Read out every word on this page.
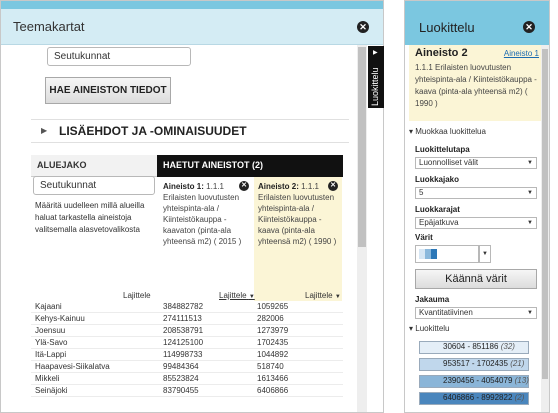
Teemakartat	✕
Seutukunnat
HAE AINEISTON TIEDOT
▶ LISÄEHDOT JA -OMINAISUUDET
ALUEJAKO	HAETUT AINEISTOT (2)
Seutukunnat
Määritä uudelleen millä alueilla haluat tarkastella aineistoja valitsemalla alasvetovalikosta
Aineisto 1: 1.1.1 Erilaisten luovutusten yhteispinta-ala / Kiinteistökauppa - kaavaton (pinta-ala yhteensä m2) ( 2015 )
✕ Aineisto 2: 1.1.1 Erilaisten luovutusten yhteispinta-ala / Kiinteistökauppa - kaava (pinta-ala yhteensä m2) ( 1990 )
✕
Lajittele	Lajittele ▼	Lajittele ▼
Kajaani	384882782	1059265
Kehys-Kainuu	274111513	282006
Joensuu	208538791	1273979
Ylä-Savo	124125100	1702435
Itä-Lappi	114998733	1044892
Haapavesi-Siikalatva	99484364	518740
Mikkeli	85523824	1613466
Seinäjoki	83790455	6406866
▶
Luokittelu
Luokittelu	✕
Aineisto 2	Aineisto 1
1.1.1 Erilaisten luovutusten yhteispinta-ala / Kiinteistökauppa - kaava (pinta-ala yhteensä m2) ( 1990 )
▾ Muokkaa luokittelua
Luokittelutapa
Luonnolliset välit	▼
Luokkajako
5	▼
Luokkarajat
Epäjatkuva	▼
Värit
▼
Käännä värit
Jakauma
Kvantitatiivinen	▼
▾ Luokittelu
30604 - 851186 (32)
953517 - 1702435 (21)
2390456 - 4054079 (13)
6406866 - 8992822 (2)
